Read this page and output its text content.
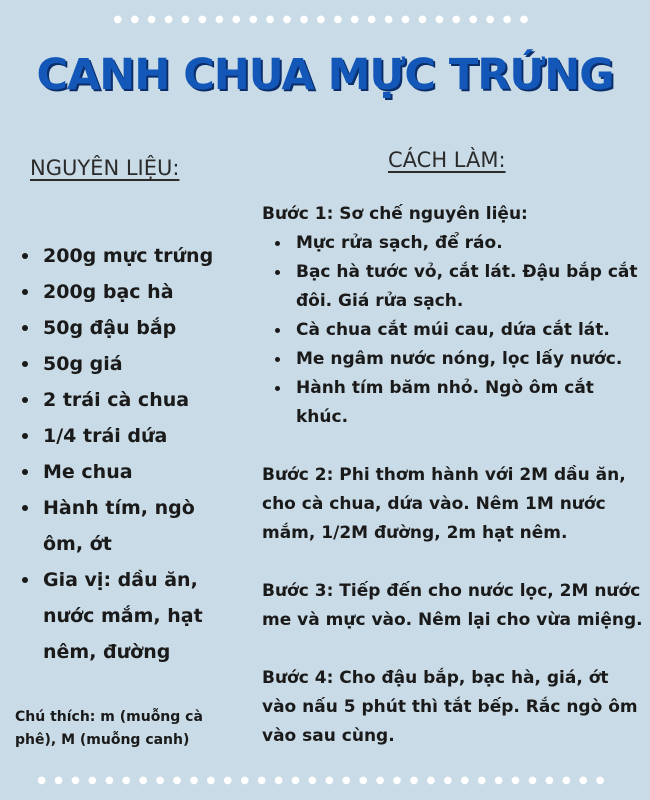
●●●●●●●●●●●●●●●●●●●●●●●●●
CANH CHUA MỰC TRỨNG
NGUYÊN LIỆU:	CÁCH LÀM:
200g mực trứng
200g bạc hà
50g đậu bắp
50g giá
2 trái cà chua
1/4 trái dứa
Me chua
Hành tím, ngò ôm, ớt
Gia vị: dầu ăn, nước mắm, hạt nêm, đường
Chú thích: m (muỗng cà phê), M (muỗng canh)

Bước 1: Sơ chế nguyên liệu:

Mực rửa sạch, để ráo.
Bạc hà tước vỏ, cắt lát. Đậu bắp cắt đôi. Giá rửa sạch.
Cà chua cắt múi cau, dứa cắt lát.
Me ngâm nước nóng, lọc lấy nước.
Hành tím băm nhỏ. Ngò ôm cắt khúc.

Bước 2: Phi thơm hành với 2M dầu ăn, cho cà chua, dứa vào. Nêm 1M nước mắm, 1/2M đường, 2m hạt nêm.

Bước 3: Tiếp đến cho nước lọc, 2M nước me và mực vào. Nêm lại cho vừa miệng.

Bước 4: Cho đậu bắp, bạc hà, giá, ớt vào nấu 5 phút thì tắt bếp. Rắc ngò ôm vào sau cùng.

●●●●●●●●●●●●●●●●●●●●●●●●●●●●●●●●●●
